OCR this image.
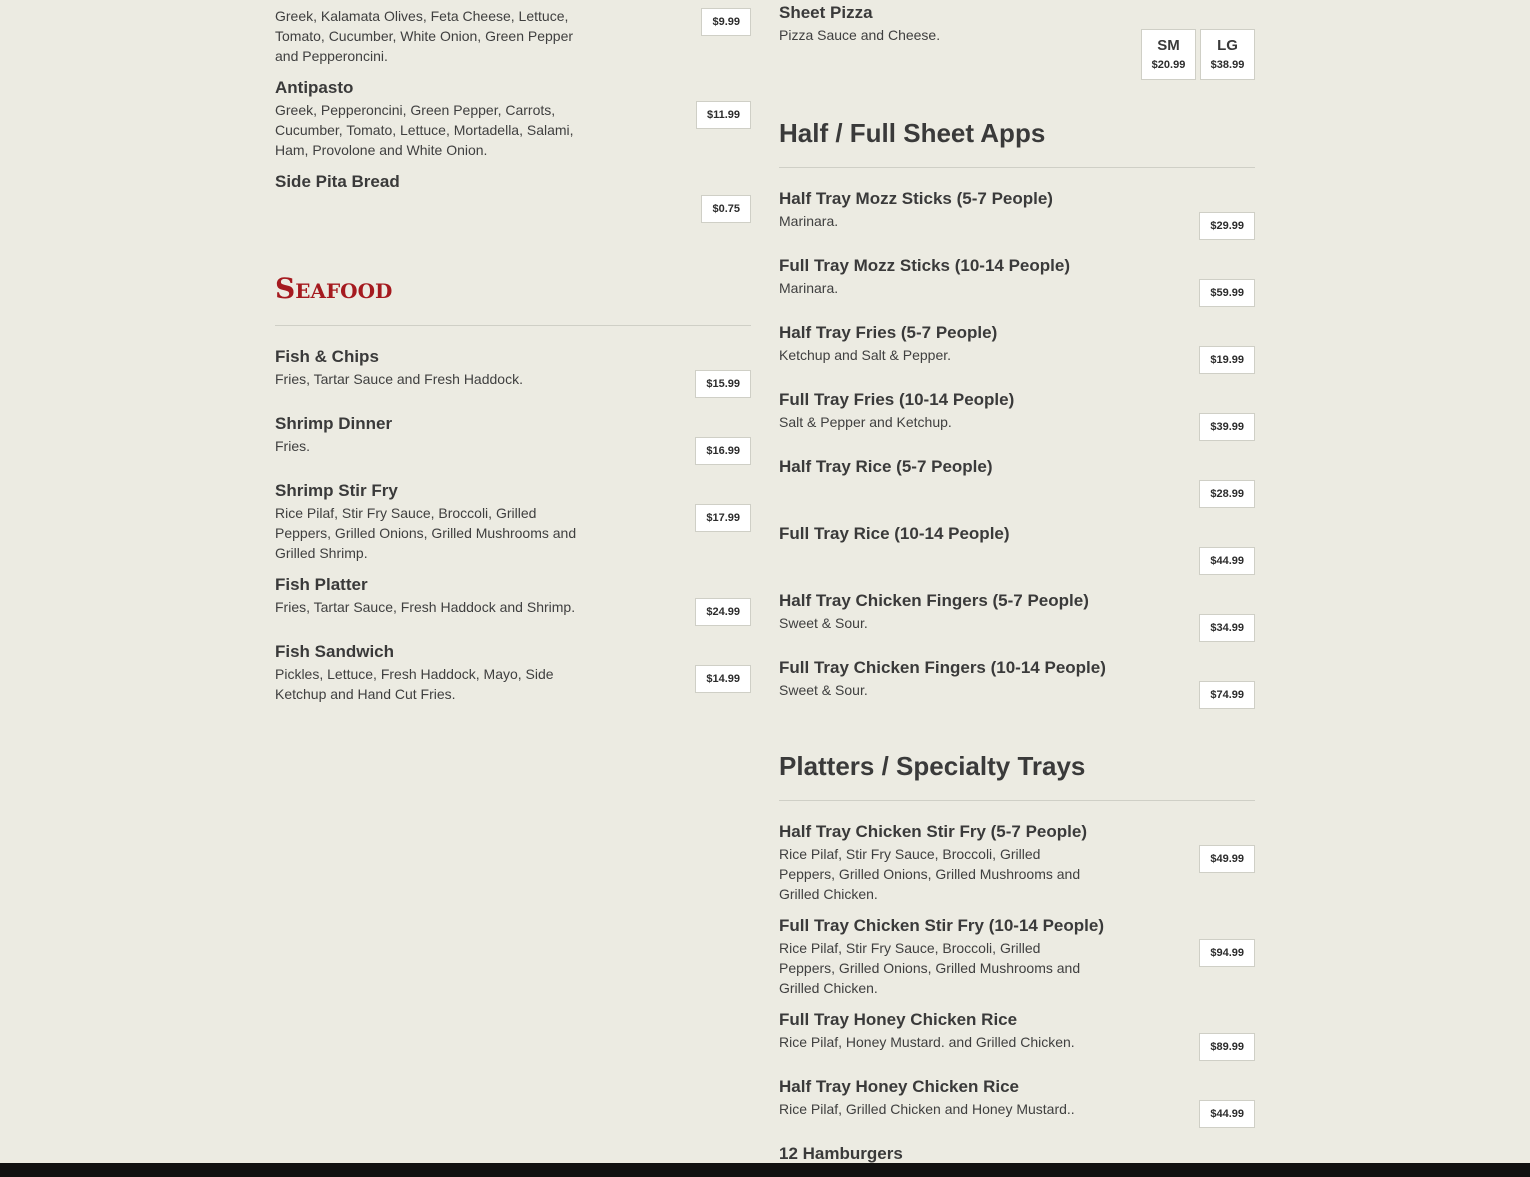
Greek, Kalamata Olives, Feta Cheese, Lettuce, Tomato, Cucumber, White Onion, Green Pepper and Pepperoncini.
$9.99
Antipasto
Greek, Pepperoncini, Green Pepper, Carrots, Cucumber, Tomato, Lettuce, Mortadella, Salami, Ham, Provolone and White Onion.
$11.99
Side Pita Bread
$0.75
Seafood
Fish & Chips
Fries, Tartar Sauce and Fresh Haddock.	$15.99
Shrimp Dinner
Fries.	$16.99
Shrimp Stir Fry
Rice Pilaf, Stir Fry Sauce, Broccoli, Grilled Peppers, Grilled Onions, Grilled Mushrooms and Grilled Shrimp.
$17.99
Fish Platter
Fries, Tartar Sauce, Fresh Haddock and Shrimp.	$24.99
Fish Sandwich
Pickles, Lettuce, Fresh Haddock, Mayo, Side Ketchup and Hand Cut Fries.
$14.99
Sheet Pizza
Pizza Sauce and Cheese.
SM
$20.99
LG
$38.99
Half / Full Sheet Apps
Half Tray Mozz Sticks (5-7 People)
Marinara.	$29.99
Full Tray Mozz Sticks (10-14 People)
Marinara.	$59.99
Half Tray Fries (5-7 People)
Ketchup and Salt & Pepper.	$19.99
Full Tray Fries (10-14 People)
Salt & Pepper and Ketchup.	$39.99
Half Tray Rice (5-7 People)
$28.99
Full Tray Rice (10-14 People)
$44.99
Half Tray Chicken Fingers (5-7 People)
Sweet & Sour.	$34.99
Full Tray Chicken Fingers (10-14 People)
Sweet & Sour.	$74.99
Platters / Specialty Trays
Half Tray Chicken Stir Fry (5-7 People)
Rice Pilaf, Stir Fry Sauce, Broccoli, Grilled Peppers, Grilled Onions, Grilled Mushrooms and Grilled Chicken.
$49.99
Full Tray Chicken Stir Fry (10-14 People)
Rice Pilaf, Stir Fry Sauce, Broccoli, Grilled Peppers, Grilled Onions, Grilled Mushrooms and Grilled Chicken.
$94.99
Full Tray Honey Chicken Rice
Rice Pilaf, Honey Mustard. and Grilled Chicken.	$89.99
Half Tray Honey Chicken Rice
Rice Pilaf, Grilled Chicken and Honey Mustard..	$44.99
12 Hamburgers
